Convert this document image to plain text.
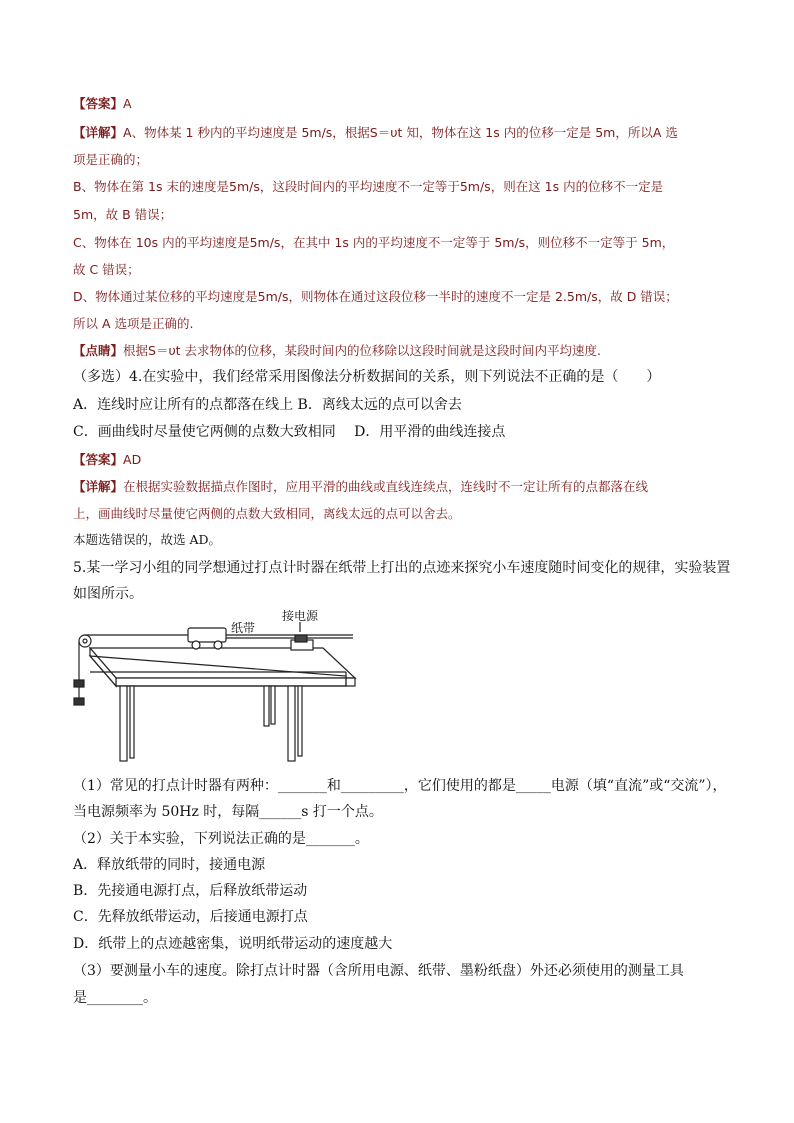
【答案】A
【详解】A、物体某 1 秒内的平均速度是 5m/s，根据S＝υt 知，物体在这 1s 内的位移一定是 5m，所以A 选
项是正确的；
B、物体在第 1s 末的速度是5m/s，这段时间内的平均速度不一定等于5m/s，则在这 1s 内的位移不一定是
5m，故 B 错误；
C、物体在 10s 内的平均速度是5m/s，在其中 1s 内的平均速度不一定等于 5m/s，则位移不一定等于 5m，
故 C 错误；
D、物体通过某位移的平均速度是5m/s，则物体在通过这段位移一半时的速度不一定是 2.5m/s，故 D 错误；
所以 A 选项是正确的.
【点睛】根据S＝υt 去求物体的位移，某段时间内的位移除以这段时间就是这段时间内平均速度.
（多选）4.在实验中，我们经常采用图像法分析数据间的关系，则下列说法不正确的是（　　）
A．连线时应让所有的点都落在线上 B．离线太远的点可以舍去
C．画曲线时尽量使它两侧的点数大致相同　 D．用平滑的曲线连接点
【答案】AD
【详解】在根据实验数据描点作图时，应用平滑的曲线或直线连续点，连线时不一定让所有的点都落在线
上，画曲线时尽量使它两侧的点数大致相同，离线太远的点可以舍去。
本题选错误的，故选 AD。
5.某一学习小组的同学想通过打点计时器在纸带上打出的点迹来探究小车速度随时间变化的规律，实验装置
如图所示。
纸带
接电源
（1）常见的打点计时器有两种：_______和_________，它们使用的都是_____电源（填“直流”或“交流”），
当电源频率为 50Hz 时，每隔______s 打一个点。
（2）关于本实验，下列说法正确的是_______。
A．释放纸带的同时，接通电源
B．先接通电源打点，后释放纸带运动
C．先释放纸带运动，后接通电源打点
D．纸带上的点迹越密集，说明纸带运动的速度越大
（3）要测量小车的速度。除打点计时器（含所用电源、纸带、墨粉纸盘）外还必须使用的测量工具
是________。
